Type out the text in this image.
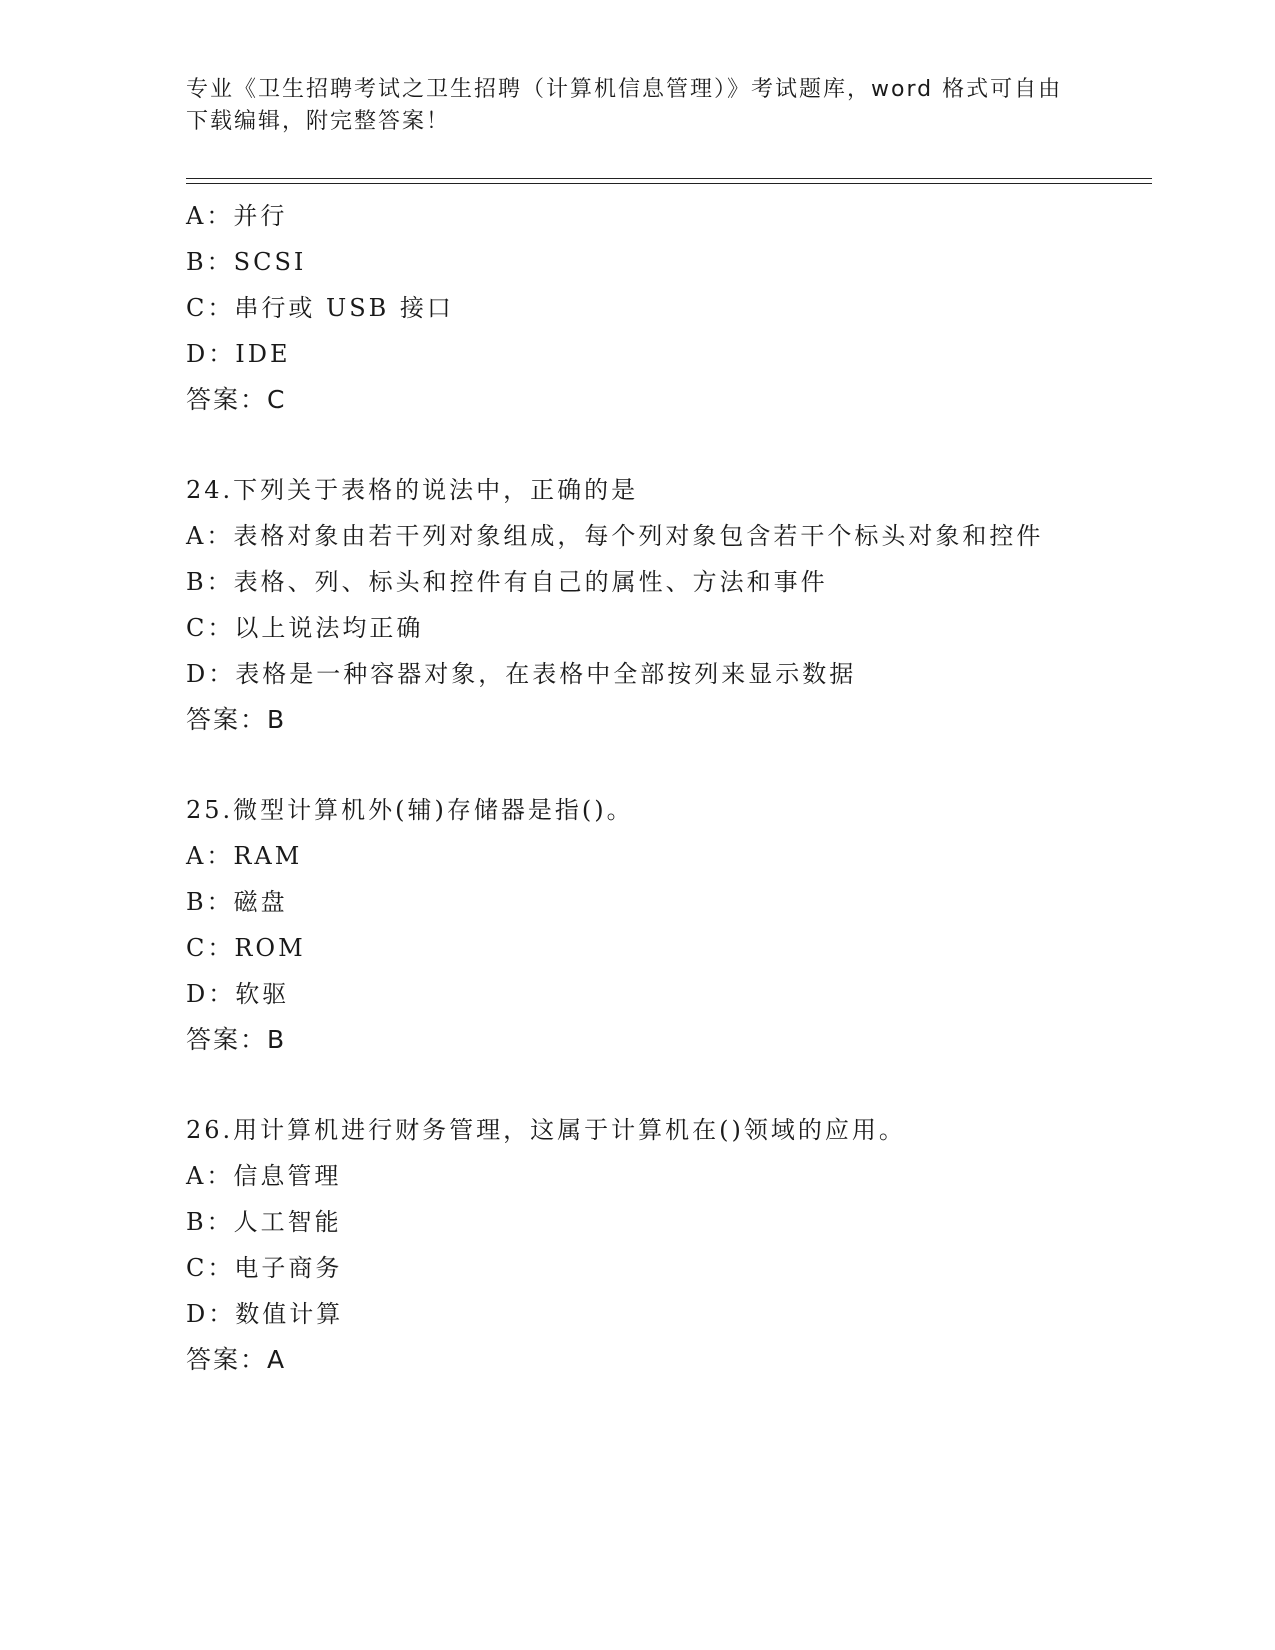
专业《卫生招聘考试之卫生招聘（计算机信息管理）》考试题库，word 格式可自由下载编辑，附完整答案！
A：并行
B：SCSI
C：串行或 USB 接口
D：IDE
答案：C
24.下列关于表格的说法中，正确的是
A：表格对象由若干列对象组成，每个列对象包含若干个标头对象和控件
B：表格、列、标头和控件有自己的属性、方法和事件
C：以上说法均正确
D：表格是一种容器对象，在表格中全部按列来显示数据
答案：B
25.微型计算机外(辅)存储器是指()。
A：RAM
B：磁盘
C：ROM
D：软驱
答案：B
26.用计算机进行财务管理，这属于计算机在()领域的应用。
A：信息管理
B：人工智能
C：电子商务
D：数值计算
答案：A
